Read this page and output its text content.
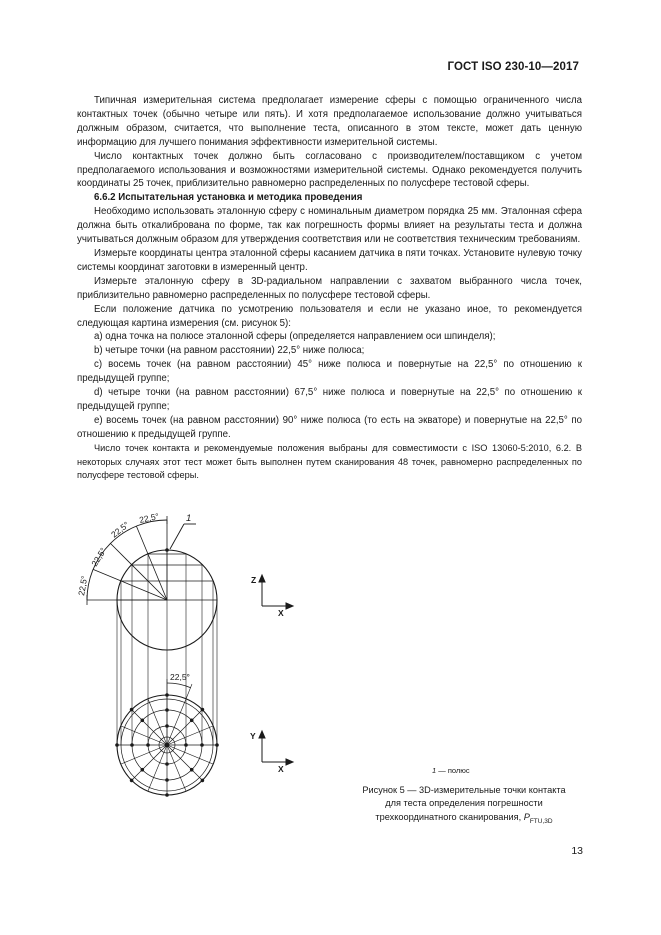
ГОСТ ISO 230-10—2017

Типичная измерительная система предполагает измерение сферы с помощью ограниченного числа контактных точек (обычно четыре или пять). И хотя предполагаемое использование должно учитываться должным образом, считается, что выполнение теста, описанного в этом тексте, может дать ценную информацию для лучшего понимания эффективности измерительной системы.

Число контактных точек должно быть согласовано с производителем/поставщиком с учетом предполагаемого использования и возможностями измерительной системы. Однако рекомендуется получить координаты 25 точек, приблизительно равномерно распределенных по полусфере тестовой сферы.

6.6.2 Испытательная установка и методика проведения

Необходимо использовать эталонную сферу с номинальным диаметром порядка 25 мм. Эталонная сфера должна быть откалибрована по форме, так как погрешность формы влияет на результаты теста и должна учитываться должным образом для утверждения соответствия или не соответствия техническим требованиям.

Измерьте координаты центра эталонной сферы касанием датчика в пяти точках. Установите нулевую точку системы координат заготовки в измеренный центр.

Измерьте эталонную сферу в 3D-радиальном направлении с захватом выбранного числа точек, приблизительно равномерно распределенных по полусфере тестовой сферы.

Если положение датчика по усмотрению пользователя и если не указано иное, то рекомендуется следующая картина измерения (см. рисунок 5):

a) одна точка на полюсе эталонной сферы (определяется направлением оси шпинделя);

b) четыре точки (на равном расстоянии) 22,5° ниже полюса;

c) восемь точек (на равном расстоянии) 45° ниже полюса и повернутые на 22,5° по отношению к предыдущей группе;

d) четыре точки (на равном расстоянии) 67,5° ниже полюса и повернутые на 22,5° по отношению к предыдущей группе;

e) восемь точек (на равном расстоянии) 90° ниже полюса (то есть на экваторе) и повернутые на 22,5° по отношению к предыдущей группе.

Число точек контакта и рекомендуемые положения выбраны для совместимости с ISO 13060-5:2010, 6.2. В некоторых случаях этот тест может быть выполнен путем сканирования 48 точек, равномерно распределенных по полусфере тестовой сферы.

22,5°
22,5°
22,5°
22,5°
22,5°
1
Z
X
Y
X	1 — полюс
Рисунок 5 — 3D-измерительные точки контакта
для теста определения погрешности
трехкоординатного сканирования, $P_{FTU,3D}$
13
